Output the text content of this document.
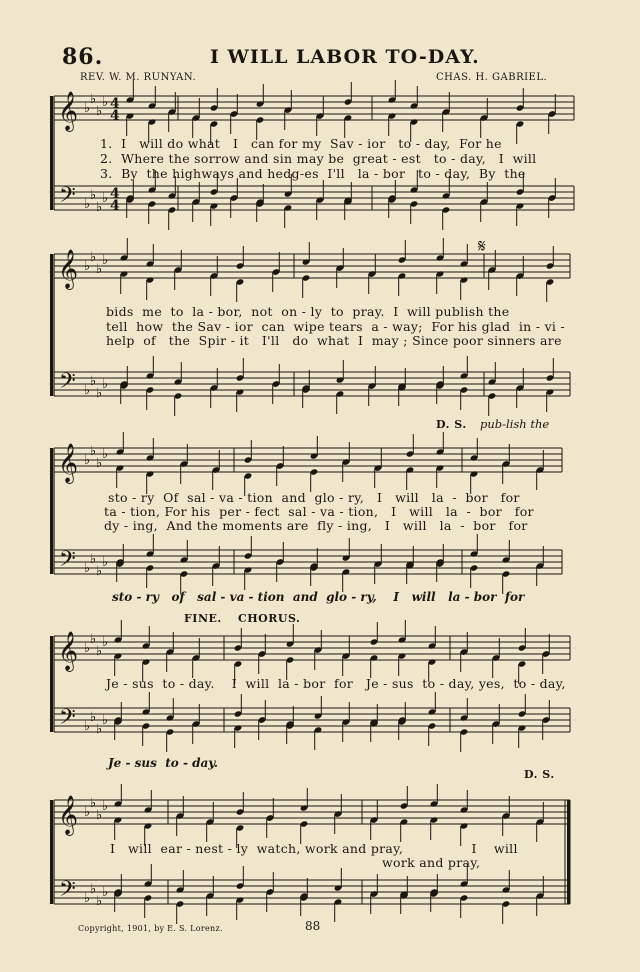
86.	I WILL LABOR TO-DAY.
REV. W. M. RUNYAN.	CHAS. H. GABRIEL.
𝄞
𝄢
♭
♭
♭
♭
♭
♭
♭
♭
4
4
4
4
𝄞
𝄢
♭
♭
♭
♭
♭
♭
♭
♭
𝄞
𝄢
♭
♭
♭
♭
♭
♭
♭
♭
𝄞
𝄢
♭
♭
♭
♭
♭
♭
♭
♭
𝄞
𝄢
♭
♭
♭
♭
♭
♭
♭
♭
𝄋
1.  I   will do what   I   can for my  Sav - ior   to - day,  For he
2.  Where the sorrow and sin may be  great - est   to - day,   I  will
3.  By  the highways and hedg-es  I'll   la - bor   to - day,  By  the
bids  me  to  la - bor,  not  on - ly  to  pray.  I  will publish the
tell  how  the Sav - ior  can  wipe tears  a - way;  For his glad  in - vi -
help  of   the  Spir - it   I'll   do  what  I  may ; Since poor sinners are
D. S. pub-lish the
sto - ry  Of  sal - va - tion  and  glo - ry,   I   will   la  -  bor   for
ta - tion, For his  per - fect  sal - va - tion,   I   will   la  -  bor   for
dy - ing,  And the moments are  fly - ing,   I   will   la  -  bor   for
sto - ry   of   sal - va - tion  and  glo - ry,    I   will   la - bor  for
FINE. CHORUS.
Je - sus  to - day.    I  will  la - bor  for   Je - sus  to - day, yes,  to - day,
Je - sus  to - day.
D. S.
I   will  ear - nest - ly  watch, work and pray,                I    will
work and pray,
Copyright, 1901, by E. S. Lorenz.	88
